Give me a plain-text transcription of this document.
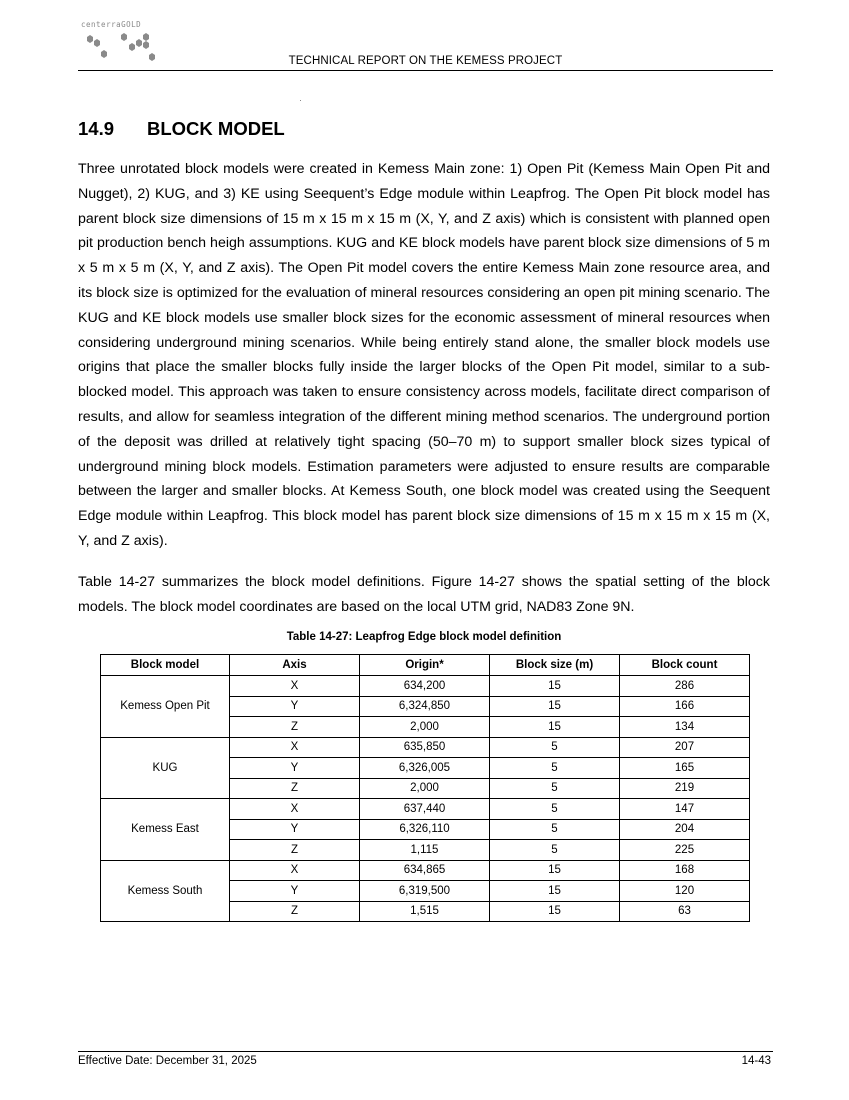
centerraGOLD
TECHNICAL REPORT ON THE KEMESS PROJECT
14.9 BLOCK MODEL

Three unrotated block models were created in Kemess Main zone: 1) Open Pit (Kemess Main Open Pit and Nugget), 2) KUG, and 3) KE using Seequent’s Edge module within Leapfrog. The Open Pit block model has parent block size dimensions of 15 m x 15 m x 15 m (X, Y, and Z axis) which is consistent with planned open pit production bench heigh assumptions. KUG and KE block models have parent block size dimensions of 5 m x 5 m x 5 m (X, Y, and Z axis). The Open Pit model covers the entire Kemess Main zone resource area, and its block size is optimized for the evaluation of mineral resources considering an open pit mining scenario. The KUG and KE block models use smaller block sizes for the economic assessment of mineral resources when considering underground mining scenarios. While being entirely stand alone, the smaller block models use origins that place the smaller blocks fully inside the larger blocks of the Open Pit model, similar to a sub-blocked model. This approach was taken to ensure consistency across models, facilitate direct comparison of results, and allow for seamless integration of the different mining method scenarios. The underground portion of the deposit was drilled at relatively tight spacing (50–70 m) to support smaller block sizes typical of underground mining block models. Estimation parameters were adjusted to ensure results are comparable between the larger and smaller blocks. At Kemess South, one block model was created using the Seequent Edge module within Leapfrog. This block model has parent block size dimensions of 15 m x 15 m x 15 m (X, Y, and Z axis).

Table 14-27 summarizes the block model definitions. Figure 14-27 shows the spatial setting of the block models. The block model coordinates are based on the local UTM grid, NAD83 Zone 9N.

Table 14-27: Leapfrog Edge block model definition
Block model	Axis	Origin*	Block size (m)	Block count
Kemess Open Pit	X	634,200	15	286
	Y	6,324,850	15	166
	Z	2,000	15	134
KUG	X	635,850	5	207
	Y	6,326,005	5	165
	Z	2,000	5	219
Kemess East	X	637,440	5	147
	Y	6,326,110	5	204
	Z	1,115	5	225
Kemess South	X	634,865	15	168
	Y	6,319,500	15	120
	Z	1,515	15	63
Effective Date: December 31, 2025	14-43
